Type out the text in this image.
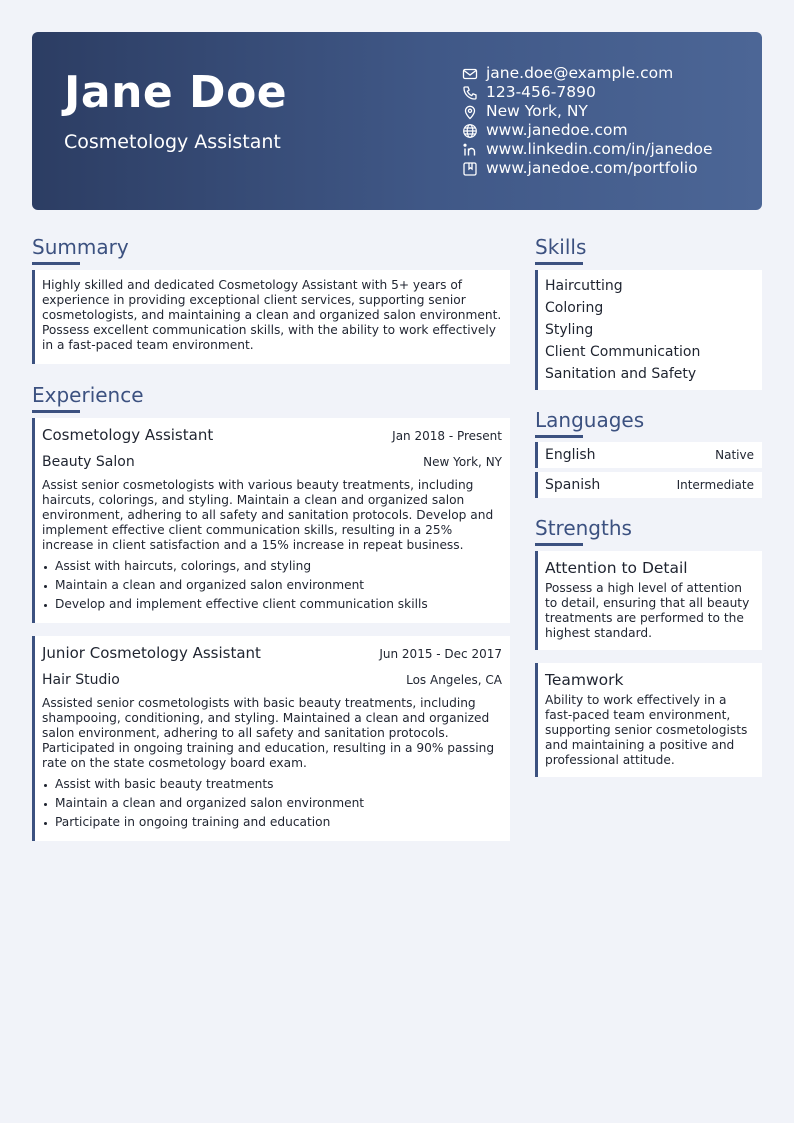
Jane Doe
Cosmetology Assistant
jane.doe@example.com
123-456-7890
New York, NY
www.janedoe.com
www.linkedin.com/in/janedoe
www.janedoe.com/portfolio
Summary

Highly skilled and dedicated Cosmetology Assistant with 5+ years of experience in providing exceptional client services, supporting senior cosmetologists, and maintaining a clean and organized salon environment. Possess excellent communication skills, with the ability to work effectively in a fast-paced team environment.

Experience
Cosmetology Assistant	Jan 2018 - Present
Beauty Salon	New York, NY

Assist senior cosmetologists with various beauty treatments, including haircuts, colorings, and styling. Maintain a clean and organized salon environment, adhering to all safety and sanitation protocols. Develop and implement effective client communication skills, resulting in a 25% increase in client satisfaction and a 15% increase in repeat business.

Assist with haircuts, colorings, and styling
Maintain a clean and organized salon environment
Develop and implement effective client communication skills
Junior Cosmetology Assistant	Jun 2015 - Dec 2017
Hair Studio	Los Angeles, CA

Assisted senior cosmetologists with basic beauty treatments, including shampooing, conditioning, and styling. Maintained a clean and organized salon environment, adhering to all safety and sanitation protocols. Participated in ongoing training and education, resulting in a 90% passing rate on the state cosmetology board exam.

Assist with basic beauty treatments
Maintain a clean and organized salon environment
Participate in ongoing training and education
Skills
Haircutting
Coloring
Styling
Client Communication
Sanitation and Safety
Languages
English	Native
Spanish	Intermediate
Strengths
Attention to Detail

Possess a high level of attention to detail, ensuring that all beauty treatments are performed to the highest standard.

Teamwork

Ability to work effectively in a fast-paced team environment, supporting senior cosmetologists and maintaining a positive and professional attitude.
